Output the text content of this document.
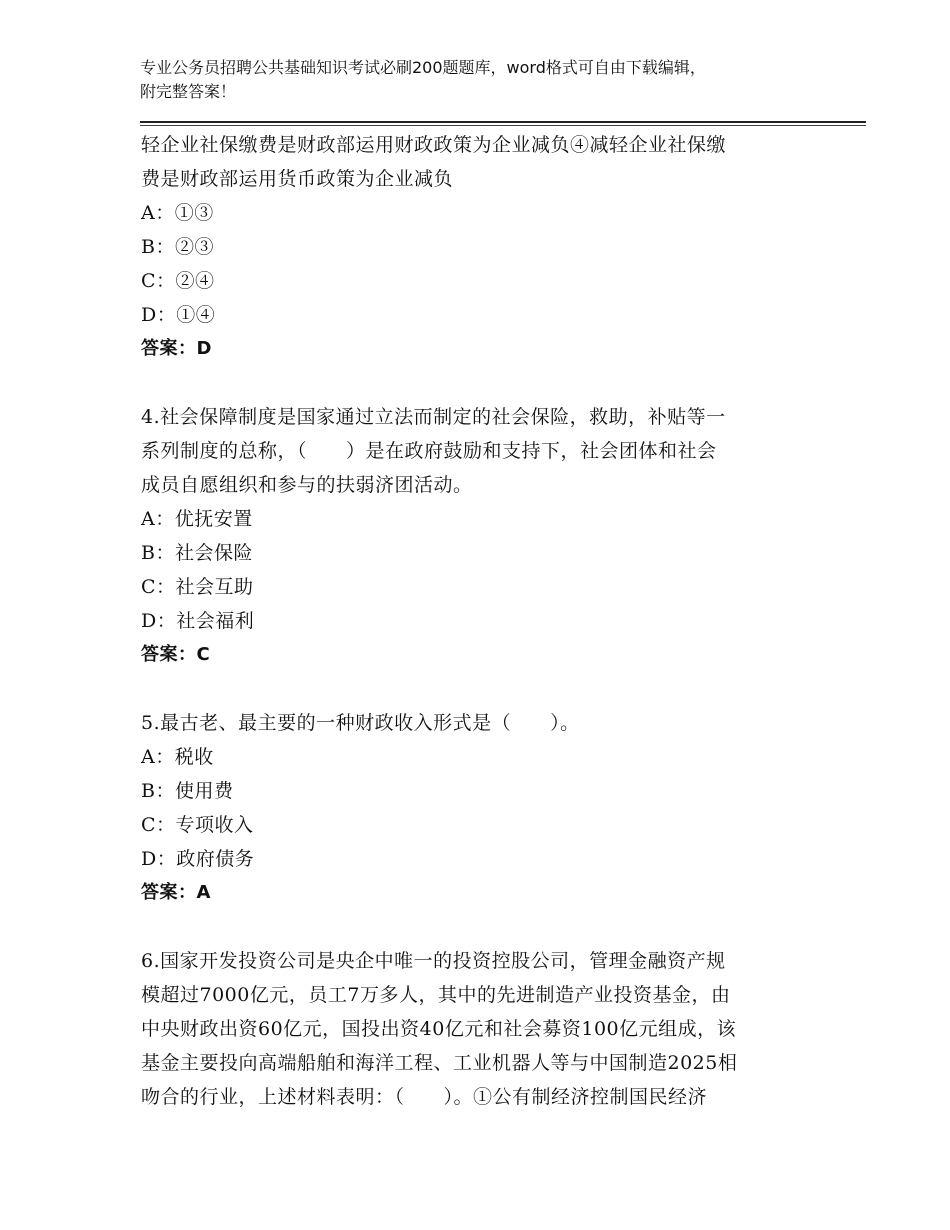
专业公务员招聘公共基础知识考试必刷200题题库，word格式可自由下载编辑，
附完整答案！
轻企业社保缴费是财政部运用财政政策为企业减负④减轻企业社保缴
费是财政部运用货币政策为企业减负
A：①③
B：②③
C：②④
D：①④
答案：D
4.社会保障制度是国家通过立法而制定的社会保险，救助，补贴等一
系列制度的总称，（　　）是在政府鼓励和支持下，社会团体和社会
成员自愿组织和参与的扶弱济团活动。
A：优抚安置
B：社会保险
C：社会互助
D：社会福利
答案：C
5.最古老、最主要的一种财政收入形式是（　　）。
A：税收
B：使用费
C：专项收入
D：政府债务
答案：A
6.国家开发投资公司是央企中唯一的投资控股公司，管理金融资产规
模超过7000亿元，员工7万多人，其中的先进制造产业投资基金，由
中央财政出资60亿元，国投出资40亿元和社会募资100亿元组成，该
基金主要投向高端船舶和海洋工程、工业机器人等与中国制造2025相
吻合的行业，上述材料表明：（　　）。①公有制经济控制国民经济
